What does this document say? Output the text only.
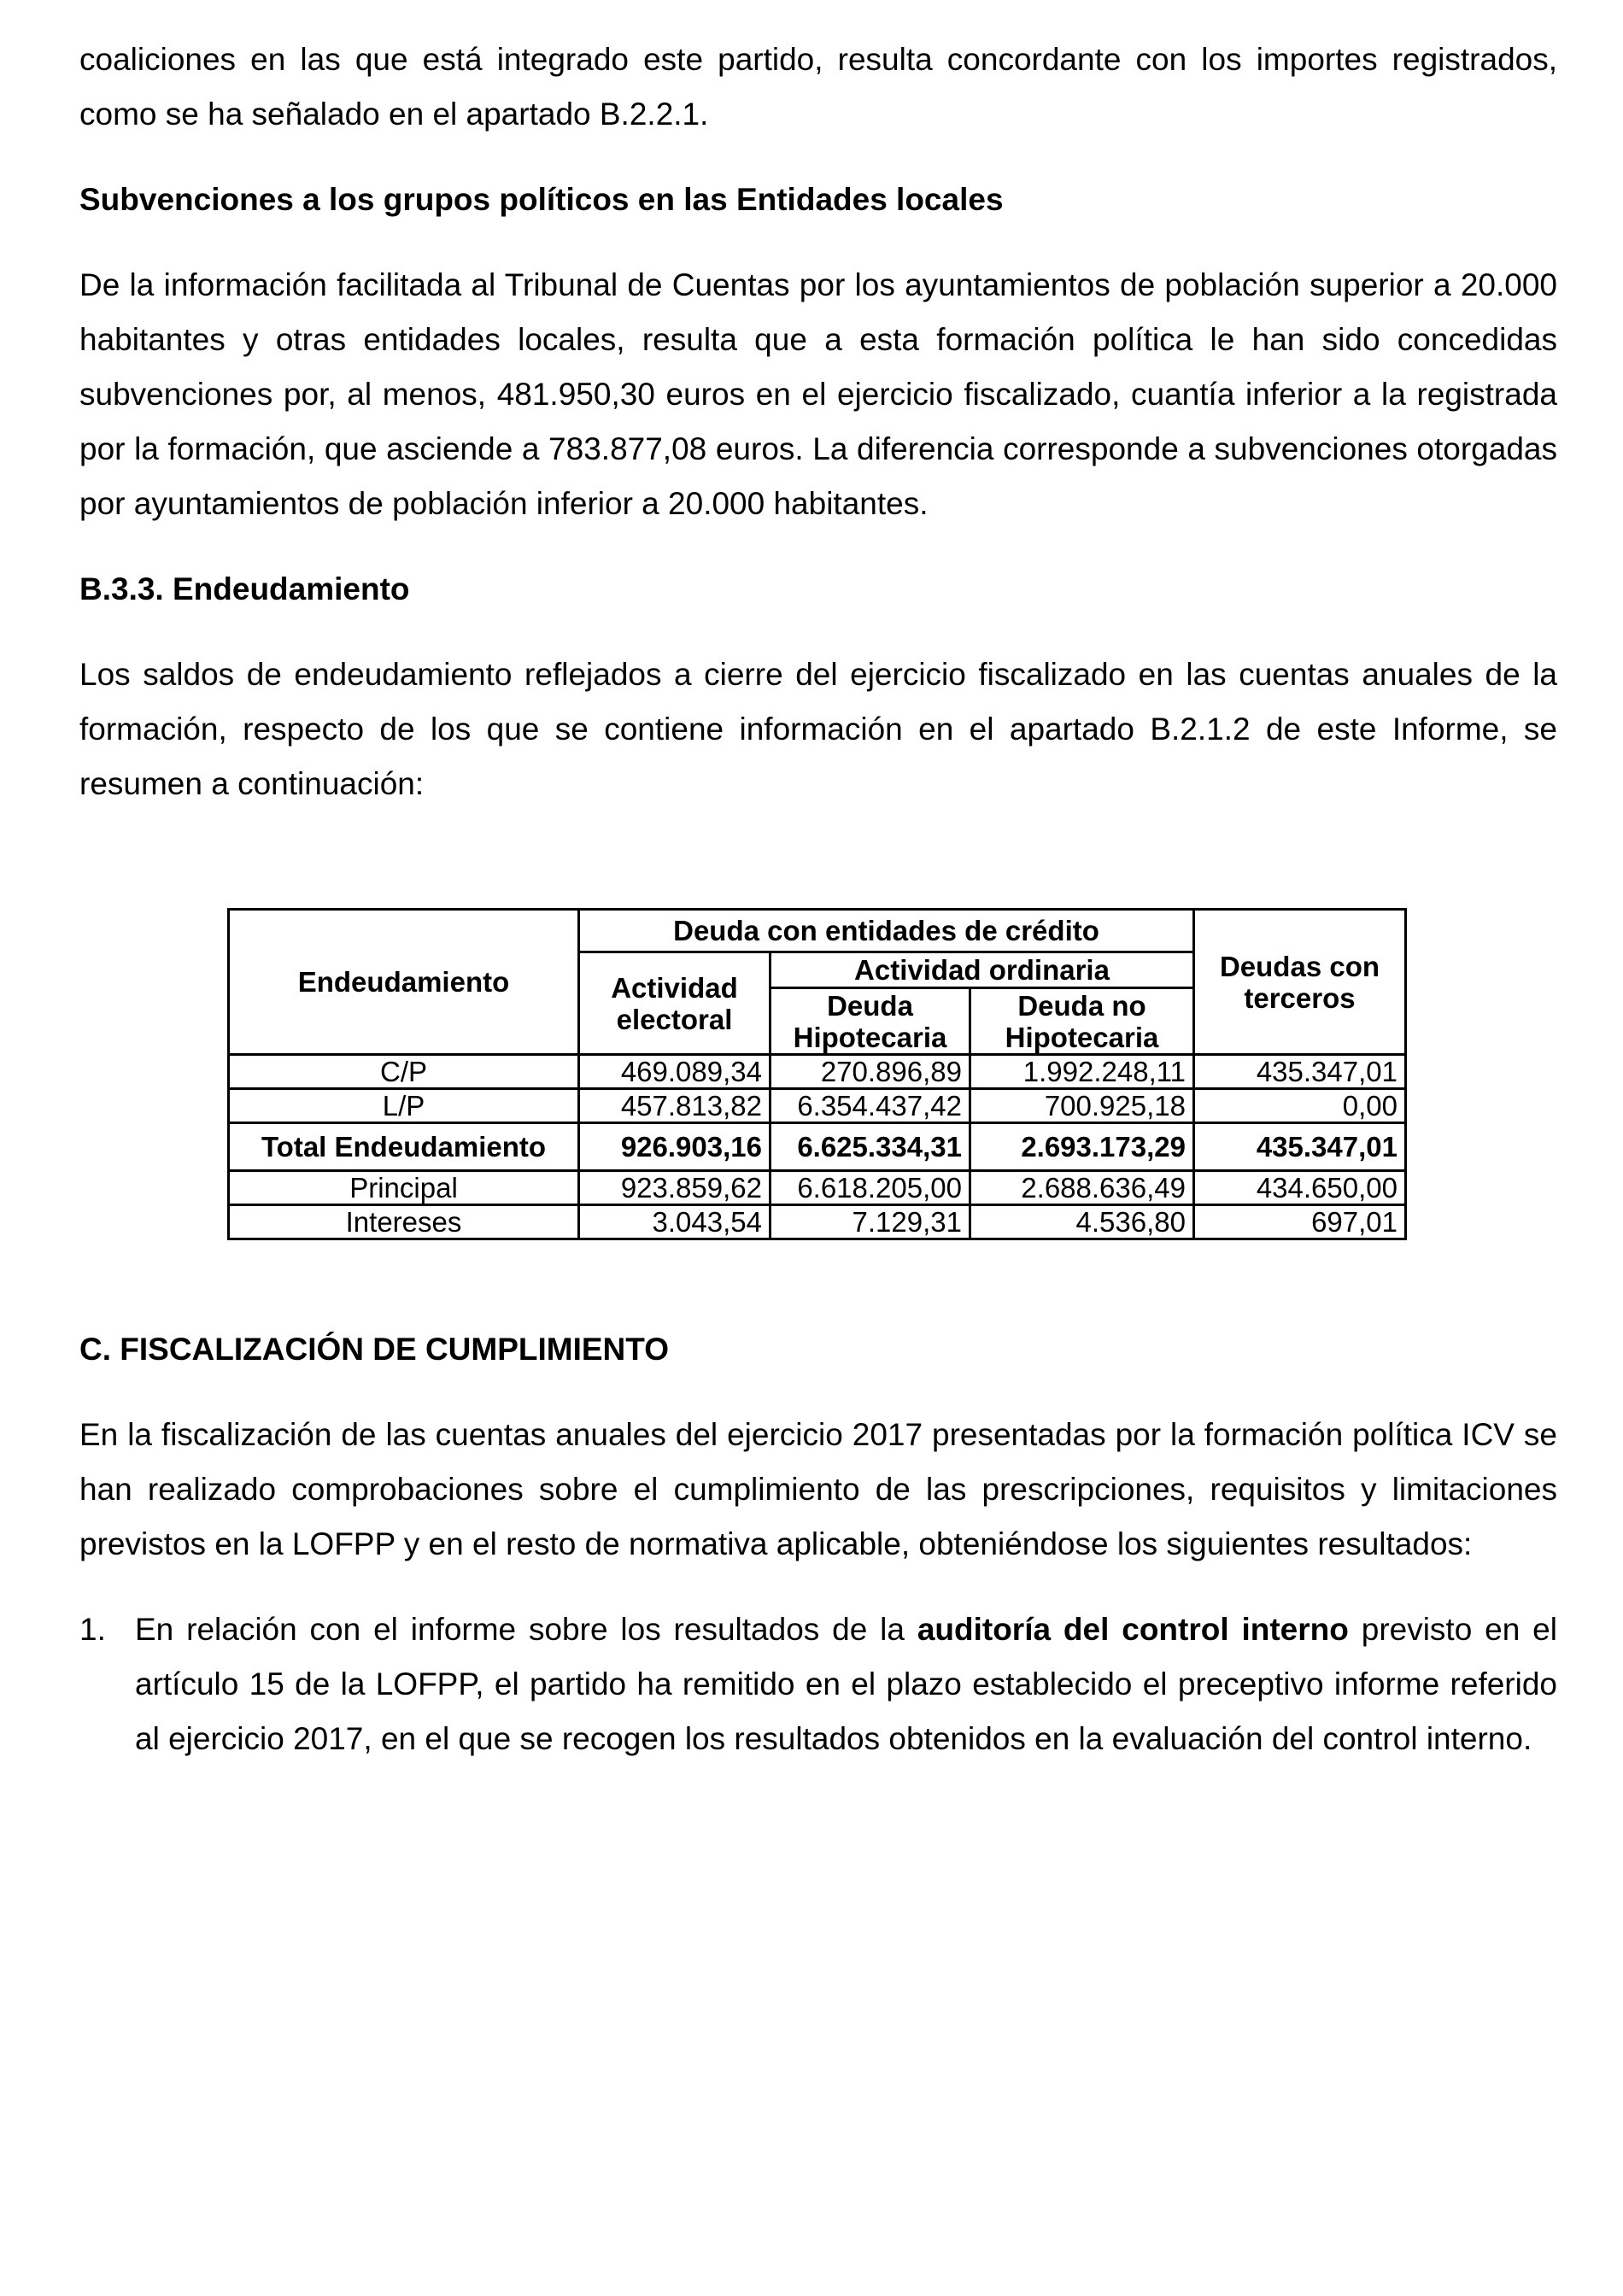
coaliciones en las que está integrado este partido, resulta concordante con los importes registrados, como se ha señalado en el apartado B.2.2.1.

Subvenciones a los grupos políticos en las Entidades locales

De la información facilitada al Tribunal de Cuentas por los ayuntamientos de población superior a 20.000 habitantes y otras entidades locales, resulta que a esta formación política le han sido concedidas subvenciones por, al menos, 481.950,30 euros en el ejercicio fiscalizado, cuantía inferior a la registrada por la formación, que asciende a 783.877,08 euros. La diferencia corresponde a subvenciones otorgadas por ayuntamientos de población inferior a 20.000 habitantes.

B.3.3. Endeudamiento

Los saldos de endeudamiento reflejados a cierre del ejercicio fiscalizado en las cuentas anuales de la formación, respecto de los que se contiene información en el apartado B.2.1.2 de este Informe, se resumen a continuación:

Endeudamiento	Deuda con entidades de crédito			Deudas con terceros
	Actividad electoral	Actividad ordinaria		
		Deuda Hipotecaria	Deuda no Hipotecaria	
C/P	469.089,34	270.896,89	1.992.248,11	435.347,01
L/P	457.813,82	6.354.437,42	700.925,18	0,00
Total Endeudamiento	926.903,16	6.625.334,31	2.693.173,29	435.347,01
Principal	923.859,62	6.618.205,00	2.688.636,49	434.650,00
Intereses	3.043,54	7.129,31	4.536,80	697,01
C. FISCALIZACIÓN DE CUMPLIMIENTO

En la fiscalización de las cuentas anuales del ejercicio 2017 presentadas por la formación política ICV se han realizado comprobaciones sobre el cumplimiento de las prescripciones, requisitos y limitaciones previstos en la LOFPP y en el resto de normativa aplicable, obteniéndose los siguientes resultados:

1. En relación con el informe sobre los resultados de la auditoría del control interno previsto en el artículo 15 de la LOFPP, el partido ha remitido en el plazo establecido el preceptivo informe referido al ejercicio 2017, en el que se recogen los resultados obtenidos en la evaluación del control interno.
